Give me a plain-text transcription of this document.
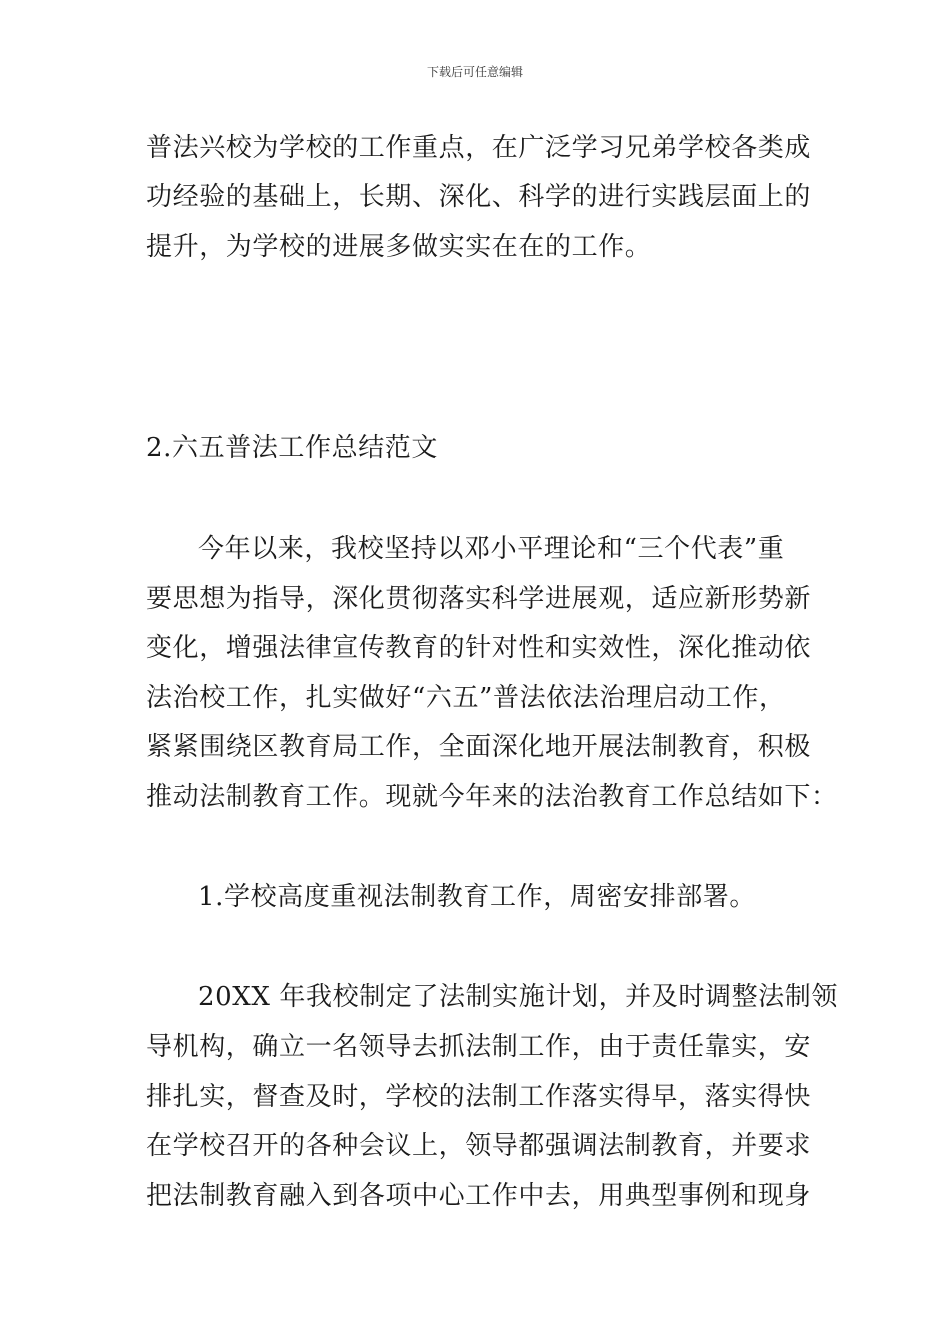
下载后可任意编辑
普法兴校为学校的工作重点，在广泛学习兄弟学校各类成
功经验的基础上，长期、深化、科学的进行实践层面上的
提升，为学校的进展多做实实在在的工作。
2.六五普法工作总结范文
今年以来，我校坚持以邓小平理论和“三个代表”重
要思想为指导，深化贯彻落实科学进展观，适应新形势新
变化，增强法律宣传教育的针对性和实效性，深化推动依
法治校工作，扎实做好“六五”普法依法治理启动工作，
紧紧围绕区教育局工作，全面深化地开展法制教育，积极
推动法制教育工作。现就今年来的法治教育工作总结如下：
1.学校高度重视法制教育工作，周密安排部署。
20XX 年我校制定了法制实施计划，并及时调整法制领
导机构，确立一名领导去抓法制工作，由于责任靠实，安
排扎实，督查及时，学校的法制工作落实得早，落实得快
在学校召开的各种会议上，领导都强调法制教育，并要求
把法制教育融入到各项中心工作中去，用典型事例和现身
